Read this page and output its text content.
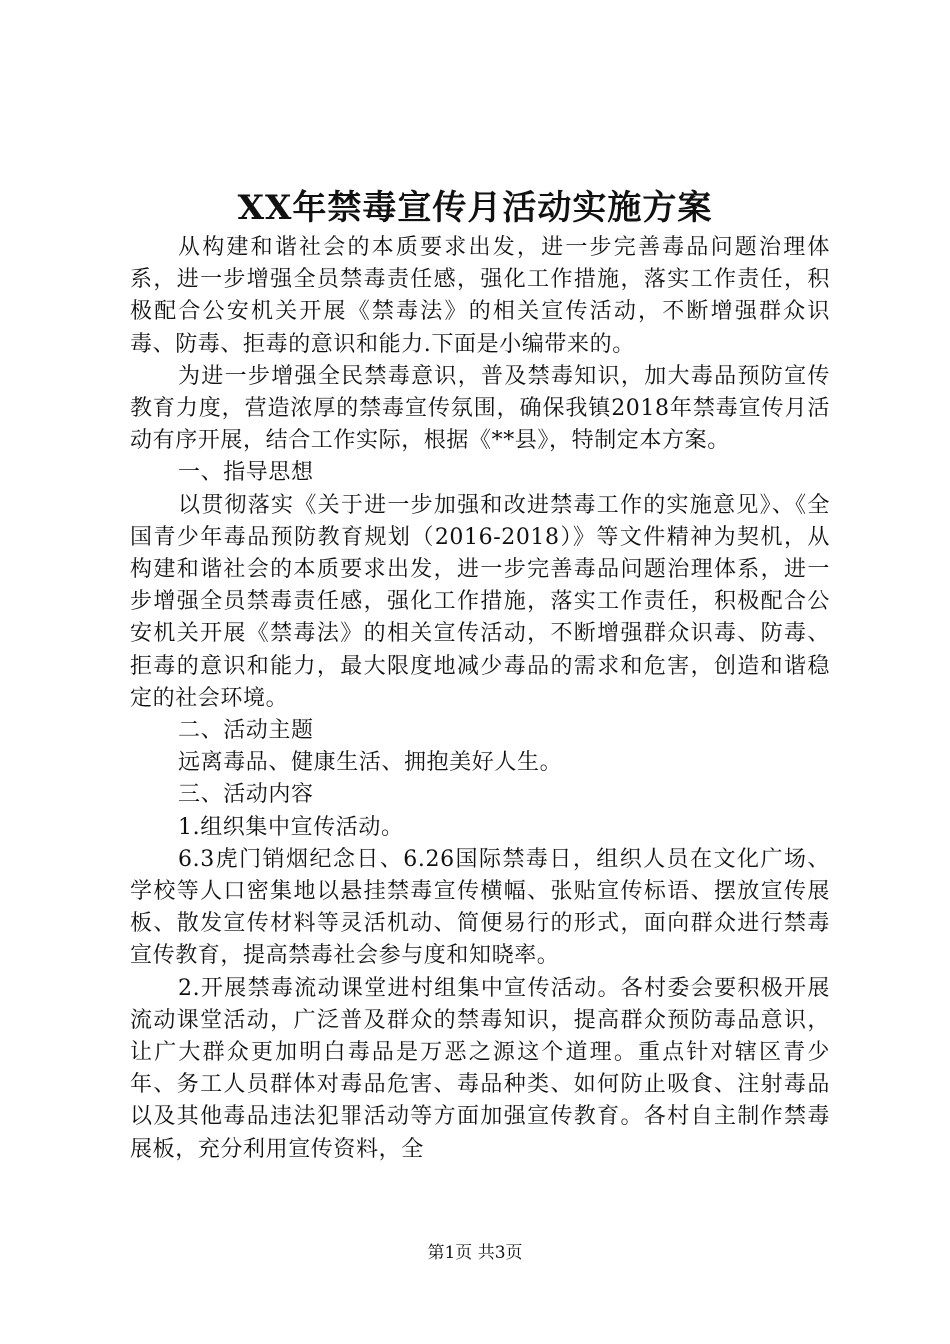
XX年禁毒宣传月活动实施方案

从构建和谐社会的本质要求出发，进一步完善毒品问题治理体系，进一步增强全员禁毒责任感，强化工作措施，落实工作责任，积极配合公安机关开展《禁毒法》的相关宣传活动，不断增强群众识毒、防毒、拒毒的意识和能力.下面是小编带来的。

为进一步增强全民禁毒意识，普及禁毒知识，加大毒品预防宣传教育力度，营造浓厚的禁毒宣传氛围，确保我镇2018年禁毒宣传月活动有序开展，结合工作实际，根据《**县》，特制定本方案。

一、指导思想

以贯彻落实《关于进一步加强和改进禁毒工作的实施意见》、《全国青少年毒品预防教育规划（2016-2018）》等文件精神为契机，从构建和谐社会的本质要求出发，进一步完善毒品问题治理体系，进一步增强全员禁毒责任感，强化工作措施，落实工作责任，积极配合公安机关开展《禁毒法》的相关宣传活动，不断增强群众识毒、防毒、拒毒的意识和能力，最大限度地减少毒品的需求和危害，创造和谐稳定的社会环境。

二、活动主题

远离毒品、健康生活、拥抱美好人生。

三、活动内容

1.组织集中宣传活动。

6.3虎门销烟纪念日、6.26国际禁毒日，组织人员在文化广场、学校等人口密集地以悬挂禁毒宣传横幅、张贴宣传标语、摆放宣传展板、散发宣传材料等灵活机动、简便易行的形式，面向群众进行禁毒宣传教育，提高禁毒社会参与度和知晓率。

2.开展禁毒流动课堂进村组集中宣传活动。各村委会要积极开展流动课堂活动，广泛普及群众的禁毒知识，提高群众预防毒品意识，让广大群众更加明白毒品是万恶之源这个道理。重点针对辖区青少年、务工人员群体对毒品危害、毒品种类、如何防止吸食、注射毒品以及其他毒品违法犯罪活动等方面加强宣传教育。各村自主制作禁毒展板，充分利用宣传资料，全

第1页 共3页
